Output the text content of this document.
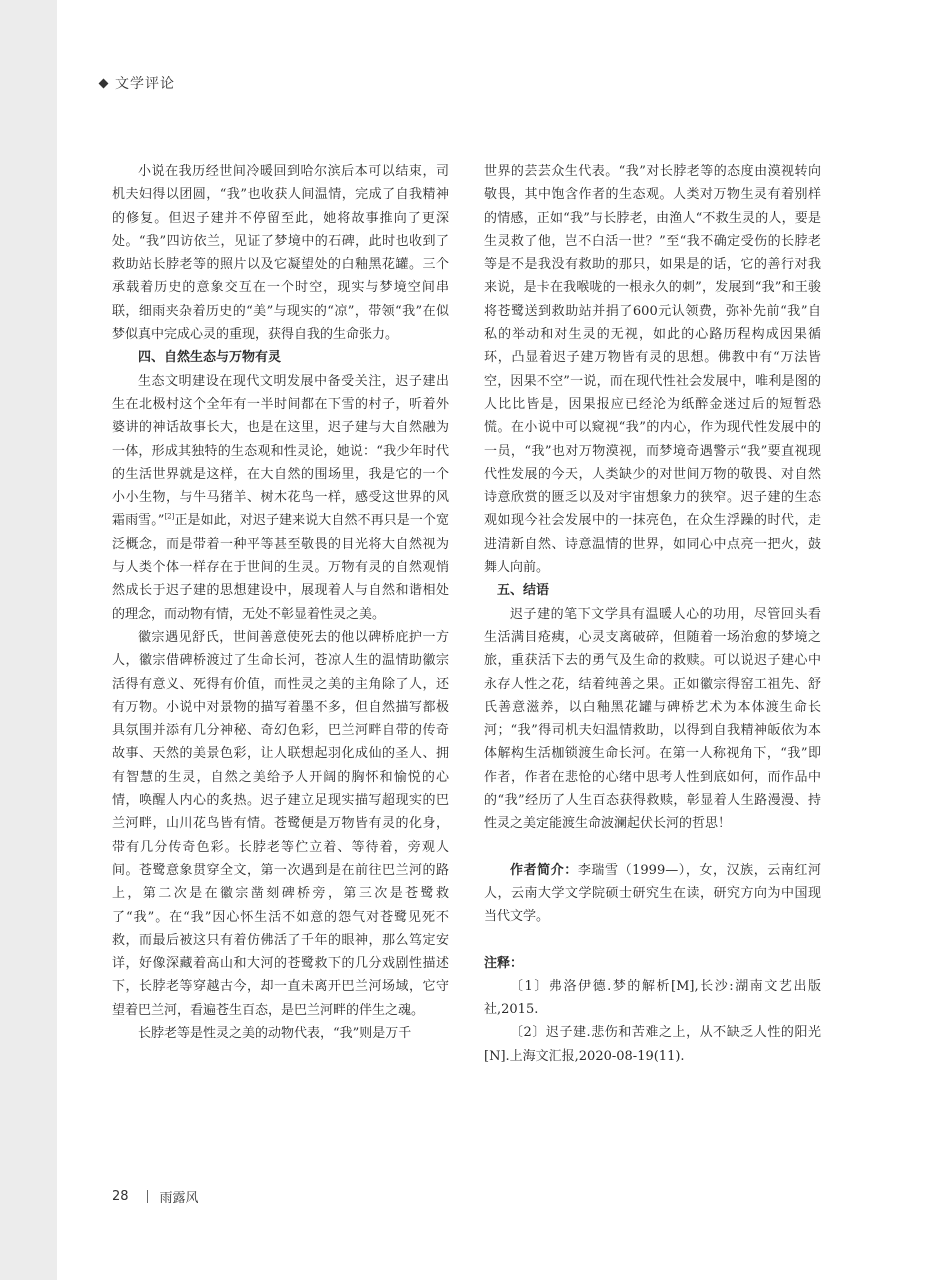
文学评论

小说在我历经世间冷暖回到哈尔滨后本可以结束，司机夫妇得以团圆，“我”也收获人间温情，完成了自我精神的修复。但迟子建并不停留至此，她将故事推向了更深处。“我”四访依兰，见证了梦境中的石碑，此时也收到了救助站长脖老等的照片以及它凝望处的白釉黑花罐。三个承载着历史的意象交互在一个时空，现实与梦境空间串联，细雨夹杂着历史的“美”与现实的“凉”，带领“我”在似梦似真中完成心灵的重现，获得自我的生命张力。

四、自然生态与万物有灵

生态文明建设在现代文明发展中备受关注，迟子建出生在北极村这个全年有一半时间都在下雪的村子，听着外婆讲的神话故事长大，也是在这里，迟子建与大自然融为一体，形成其独特的生态观和性灵论，她说：“我少年时代的生活世界就是这样，在大自然的围场里，我是它的一个小小生物，与牛马猪羊、树木花鸟一样，感受这世界的风霜雨雪。”[2]正是如此，对迟子建来说大自然不再只是一个宽泛概念，而是带着一种平等甚至敬畏的目光将大自然视为与人类个体一样存在于世间的生灵。万物有灵的自然观悄然成长于迟子建的思想建设中，展现着人与自然和谐相处的理念，而动物有情，无处不彰显着性灵之美。

徽宗遇见舒氏，世间善意使死去的他以碑桥庇护一方人，徽宗借碑桥渡过了生命长河，苍凉人生的温情助徽宗活得有意义、死得有价值，而性灵之美的主角除了人，还有万物。小说中对景物的描写着墨不多，但自然描写都极具氛围并添有几分神秘、奇幻色彩，巴兰河畔自带的传奇故事、天然的美景色彩，让人联想起羽化成仙的圣人、拥有智慧的生灵，自然之美给予人开阔的胸怀和愉悦的心情，唤醒人内心的炙热。迟子建立足现实描写超现实的巴兰河畔，山川花鸟皆有情。苍鹭便是万物皆有灵的化身，带有几分传奇色彩。长脖老等伫立着、等待着，旁观人间。苍鹭意象贯穿全文，第一次遇到是在前往巴兰河的路上，第二次是在徽宗凿刻碑桥旁，第三次是苍鹭救了“我”。在“我”因心怀生活不如意的怨气对苍鹭见死不救，而最后被这只有着仿佛活了千年的眼神，那么笃定安详，好像深藏着高山和大河的苍鹭救下的几分戏剧性描述下，长脖老等穿越古今，却一直未离开巴兰河场域，它守望着巴兰河，看遍苍生百态，是巴兰河畔的伴生之魂。

长脖老等是性灵之美的动物代表，“我”则是万千

世界的芸芸众生代表。“我”对长脖老等的态度由漠视转向敬畏，其中饱含作者的生态观。人类对万物生灵有着别样的情感，正如“我”与长脖老，由渔人“不救生灵的人，要是生灵救了他，岂不白活一世？”至“我不确定受伤的长脖老等是不是我没有救助的那只，如果是的话，它的善行对我来说，是卡在我喉咙的一根永久的刺”，发展到“我”和王骏将苍鹭送到救助站并捐了600元认领费，弥补先前“我”自私的举动和对生灵的无视，如此的心路历程构成因果循环，凸显着迟子建万物皆有灵的思想。佛教中有“万法皆空，因果不空”一说，而在现代性社会发展中，唯利是图的人比比皆是，因果报应已经沦为纸醉金迷过后的短暂恐慌。在小说中可以窥视“我”的内心，作为现代性发展中的一员，“我”也对万物漠视，而梦境奇遇警示“我”要直视现代性发展的今天，人类缺少的对世间万物的敬畏、对自然诗意欣赏的匮乏以及对宇宙想象力的狭窄。迟子建的生态观如现今社会发展中的一抹亮色，在众生浮躁的时代，走进清新自然、诗意温情的世界，如同心中点亮一把火，鼓舞人向前。

五、结语

迟子建的笔下文学具有温暖人心的功用，尽管回头看生活满目疮痍，心灵支离破碎，但随着一场治愈的梦境之旅，重获活下去的勇气及生命的救赎。可以说迟子建心中永存人性之花，结着纯善之果。正如徽宗得窑工祖先、舒氏善意滋养，以白釉黑花罐与碑桥艺术为本体渡生命长河；“我”得司机夫妇温情救助，以得到自我精神皈依为本体解构生活枷锁渡生命长河。在第一人称视角下，“我”即作者，作者在悲怆的心绪中思考人性到底如何，而作品中的“我”经历了人生百态获得救赎，彰显着人生路漫漫、持性灵之美定能渡生命波澜起伏长河的哲思！

作者简介：李瑞雪（1999—），女，汉族，云南红河人，云南大学文学院硕士研究生在读，研究方向为中国现当代文学。

注释：

〔1〕弗洛伊德.梦的解析[M],长沙:湖南文艺出版社,2015.

〔2〕迟子建.悲伤和苦难之上，从不缺乏人性的阳光[N].上海文汇报,2020-08-19(11).

28 雨露风
